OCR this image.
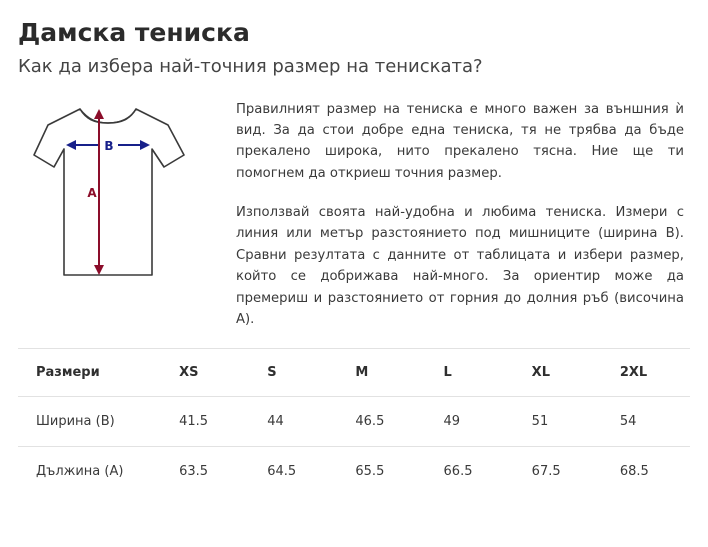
Дамска тениска
Как да избера най-точния размер на тениската?
B
A

Правилният размер на тениска е много важен за външния ѝ вид. За да стои добре една тениска, тя не трябва да бъде прекалено широка, нито прекалено тясна. Ние ще ти помогнем да откриеш точния размер.

Използвай своята най-удобна и любима тениска. Измери с линия или метър разстоянието под мишниците (ширина B). Сравни резултата с данните от таблицата и избери размер, който се добрижава най-много. За ориентир може да премериш и разстоянието от горния до долния ръб (височина A).

Размери	XS	S	M	L	XL	2XL
Ширина (B)	41.5	44	46.5	49	51	54
Дължина (A)	63.5	64.5	65.5	66.5	67.5	68.5
